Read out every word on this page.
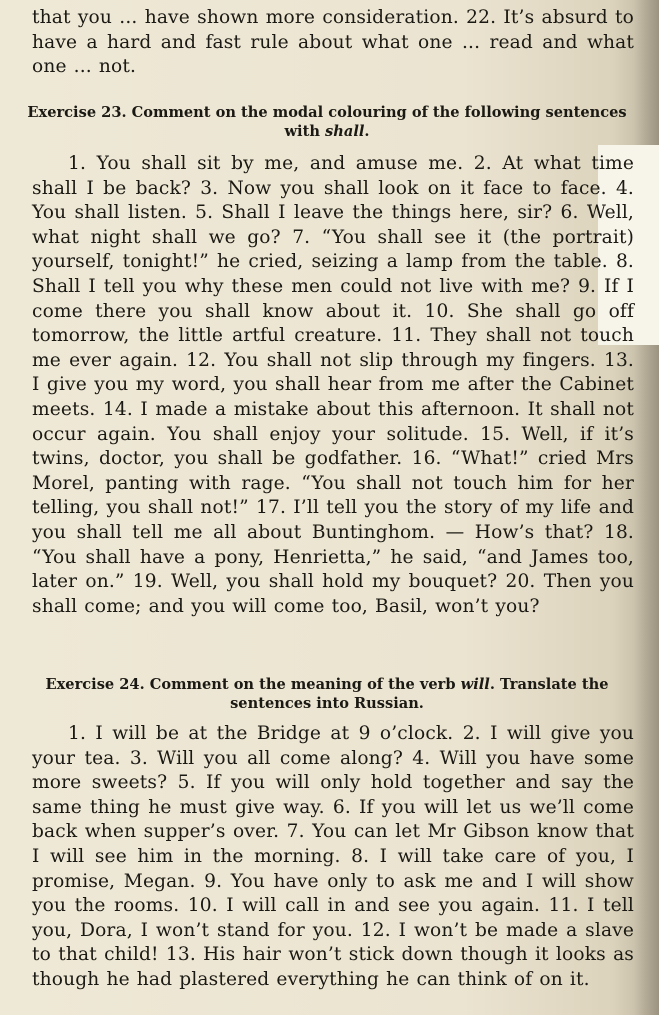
that you ... have shown more consideration. 22. It’s absurd to have a hard and fast rule about what one ... read and what one ... not.

Exercise 23. Comment on the modal colouring of the following sentences with shall.

1. You shall sit by me, and amuse me. 2. At what time shall I be back? 3. Now you shall look on it face to face. 4. You shall listen. 5. Shall I leave the things here, sir? 6. Well, what night shall we go? 7. “You shall see it (the portrait) yourself, tonight!” he cried, seizing a lamp from the table. 8. Shall I tell you why these men could not live with me? 9. If I come there you shall know about it. 10. She shall go off tomorrow, the little artful creature. 11. They shall not touch me ever again. 12. You shall not slip through my fingers. 13. I give you my word, you shall hear from me after the Cabinet meets. 14. I made a mistake about this afternoon. It shall not occur again. You shall enjoy your solitude. 15. Well, if it’s twins, doctor, you shall be godfather. 16. “What!” cried Mrs Morel, panting with rage. “You shall not touch him for her telling, you shall not!” 17. I’ll tell you the story of my life and you shall tell me all about Buntinghom. — How’s that? 18. “You shall have a pony, Henrietta,” he said, “and James too, later on.” 19. Well, you shall hold my bouquet? 20. Then you shall come; and you will come too, Basil, won’t you?

Exercise 24. Comment on the meaning of the verb will. Translate the sentences into Russian.

1. I will be at the Bridge at 9 o’clock. 2. I will give you your tea. 3. Will you all come along? 4. Will you have some more sweets? 5. If you will only hold together and say the same thing he must give way. 6. If you will let us we’ll come back when supper’s over. 7. You can let Mr Gibson know that I will see him in the morning. 8. I will take care of you, I promise, Megan. 9. You have only to ask me and I will show you the rooms. 10. I will call in and see you again. 11. I tell you, Dora, I won’t stand for you. 12. I won’t be made a slave to that child! 13. His hair won’t stick down though it looks as though he had plastered everything he can think of on it.
